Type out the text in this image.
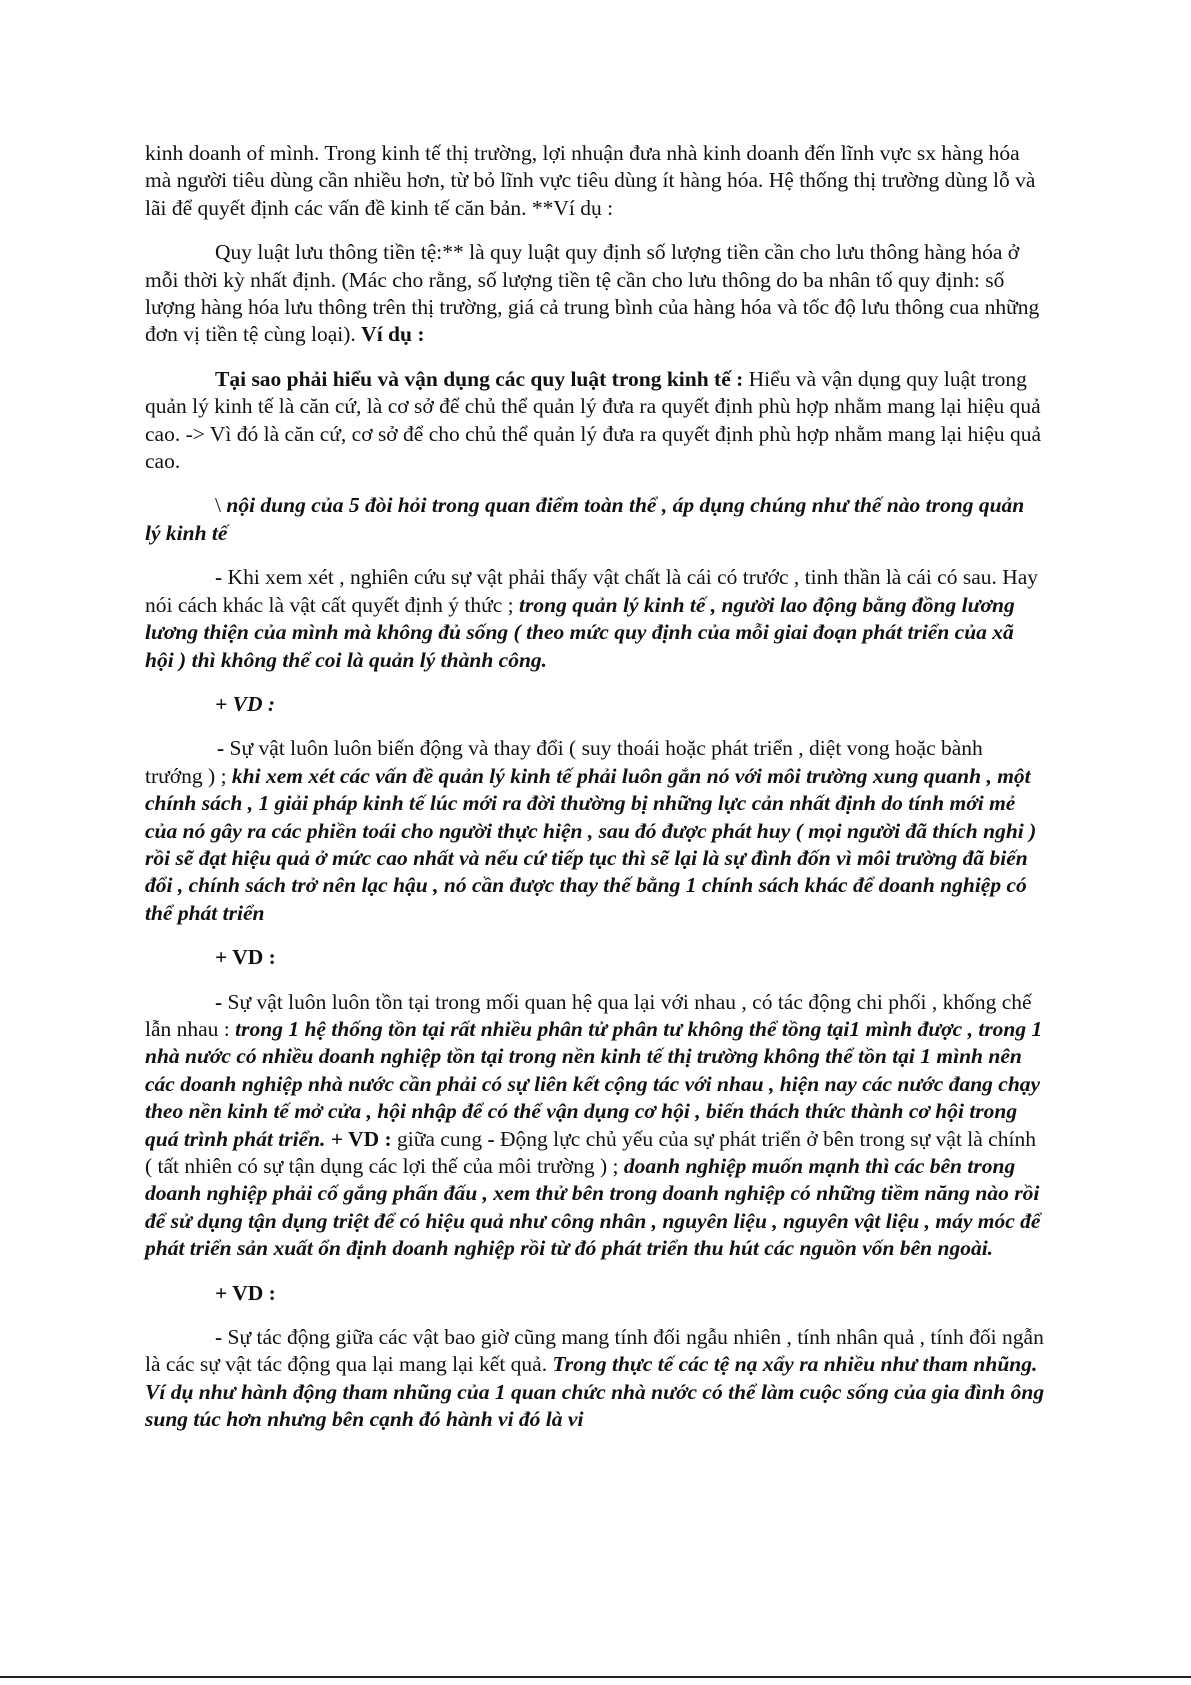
kinh doanh of mình. Trong kinh tế thị trường, lợi nhuận đưa nhà kinh doanh đến lĩnh vực sx hàng hóa mà người tiêu dùng cần nhiều hơn, từ bỏ lĩnh vực tiêu dùng ít hàng hóa. Hệ thống thị trường dùng lỗ và lãi để quyết định các vấn đề kinh tế căn bản. **Ví dụ :

Quy luật lưu thông tiền tệ:** là quy luật quy định số lượng tiền cần cho lưu thông hàng hóa ở mỗi thời kỳ nhất định. (Mác cho rằng, số lượng tiền tệ cần cho lưu thông do ba nhân tố quy định: số lượng hàng hóa lưu thông trên thị trường, giá cả trung bình của hàng hóa và tốc độ lưu thông cua những đơn vị tiền tệ cùng loại). Ví dụ :

Tại sao phải hiểu và vận dụng các quy luật trong kinh tế : Hiểu và vận dụng quy luật trong quản lý kinh tế là căn cứ, là cơ sở để chủ thể quản lý đưa ra quyết định phù hợp nhằm mang lại hiệu quả cao. -> Vì đó là căn cứ, cơ sở để cho chủ thể quản lý đưa ra quyết định phù hợp nhằm mang lại hiệu quả cao.

\ nội dung của 5 đòi hỏi trong quan điểm toàn thể , áp dụng chúng như thế nào trong quản lý kinh tế

- Khi xem xét , nghiên cứu sự vật phải thấy vật chất là cái có trước , tinh thần là cái có sau. Hay nói cách khác là vật cất quyết định ý thức ; trong quản lý kinh tế , người lao động bằng đồng lương lương thiện của mình mà không đủ sống ( theo mức quy định của mỗi giai đoạn phát triển của xã hội ) thì không thể coi là quản lý thành công.

+ VD :

- Sự vật luôn luôn biến động và thay đổi ( suy thoái hoặc phát triển , diệt vong hoặc bành trướng ) ; khi xem xét các vấn đề quản lý kinh tế phải luôn gắn nó với môi trường xung quanh , một chính sách , 1 giải pháp kinh tế lúc mới ra đời thường bị những lực cản nhất định do tính mới mẻ của nó gây ra các phiền toái cho người thực hiện , sau đó được phát huy ( mọi người đã thích nghi ) rồi sẽ đạt hiệu quả ở mức cao nhất và nếu cứ tiếp tục thì sẽ lại là sự đình đốn vì môi trường đã biến đổi , chính sách trở nên lạc hậu , nó cần được thay thế bằng 1 chính sách khác để doanh nghiệp có thể phát triển

+ VD :

- Sự vật luôn luôn tồn tại trong mối quan hệ qua lại với nhau , có tác động chi phối , khống chế lẫn nhau : trong 1 hệ thống tồn tại rất nhiều phân tử phân tư không thể tồng tại1 mình được , trong 1 nhà nước có nhiều doanh nghiệp tồn tại trong nền kinh tế thị trường không thể tồn tại 1 mình nên các doanh nghiệp nhà nước cần phải có sự liên kết cộng tác với nhau , hiện nay các nước đang chạy theo nền kinh tế mở cửa , hội nhập để có thể vận dụng cơ hội , biến thách thức thành cơ hội trong quá trình phát triển. + VD : giữa cung - Động lực chủ yếu của sự phát triển ở bên trong sự vật là chính ( tất nhiên có sự tận dụng các lợi thế của môi trường ) ; doanh nghiệp muốn mạnh thì các bên trong doanh nghiệp phải cố gắng phấn đấu , xem thử bên trong doanh nghiệp có những tiềm năng nào rồi để sử dụng tận dụng triệt để có hiệu quả như công nhân , nguyên liệu , nguyên vật liệu , máy móc để phát triển sản xuất ổn định doanh nghiệp rồi từ đó phát triển thu hút các nguồn vốn bên ngoài.

+ VD :

- Sự tác động giữa các vật bao giờ cũng mang tính đối ngẫu nhiên , tính nhân quả , tính đối ngẫn là các sự vật tác động qua lại mang lại kết quả. Trong thực tế các tệ nạ xẩy ra nhiều như tham nhũng. Ví dụ như hành động tham nhũng của 1 quan chức nhà nước có thể làm cuộc sống của gia đình ông sung túc hơn nhưng bên cạnh đó hành vi đó là vi
